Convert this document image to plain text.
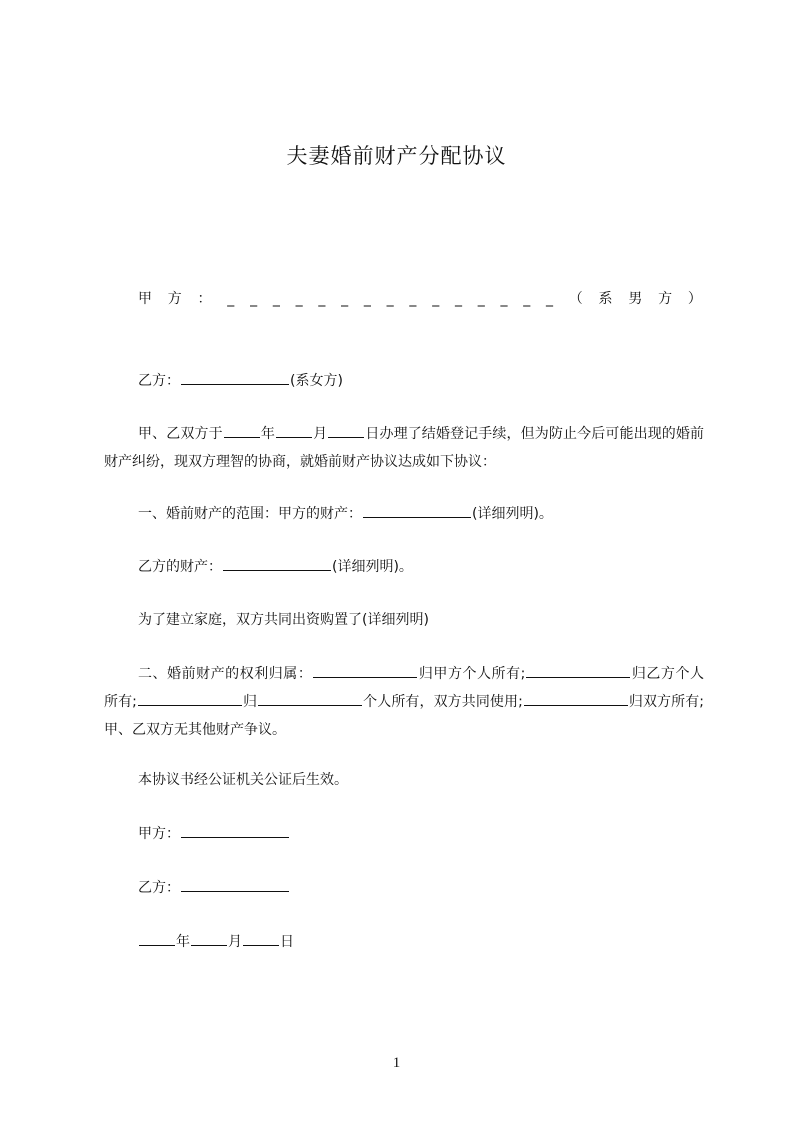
夫妻婚前财产分配协议
甲 方 ： _ _ _ _ _ _ _ _ _ _ _ _ _ _ _ （ 系 男 方 ）
乙方：	(系女方)
甲、乙双方于	年	月	日办理了结婚登记手续，但为防止今后可能出现的婚前财产纠纷，现双方理智的协商，就婚前财产协议达成如下协议：
一、婚前财产的范围：甲方的财产：	(详细列明)。
乙方的财产：	(详细列明)。
为了建立家庭，双方共同出资购置了(详细列明)
二、婚前财产的权利归属：	归甲方个人所有;	归乙方个人所有;	归	个人所有，双方共同使用;	归双方所有;甲、乙双方无其他财产争议。
本协议书经公证机关公证后生效。
甲方：
乙方：
年	月	日
1
